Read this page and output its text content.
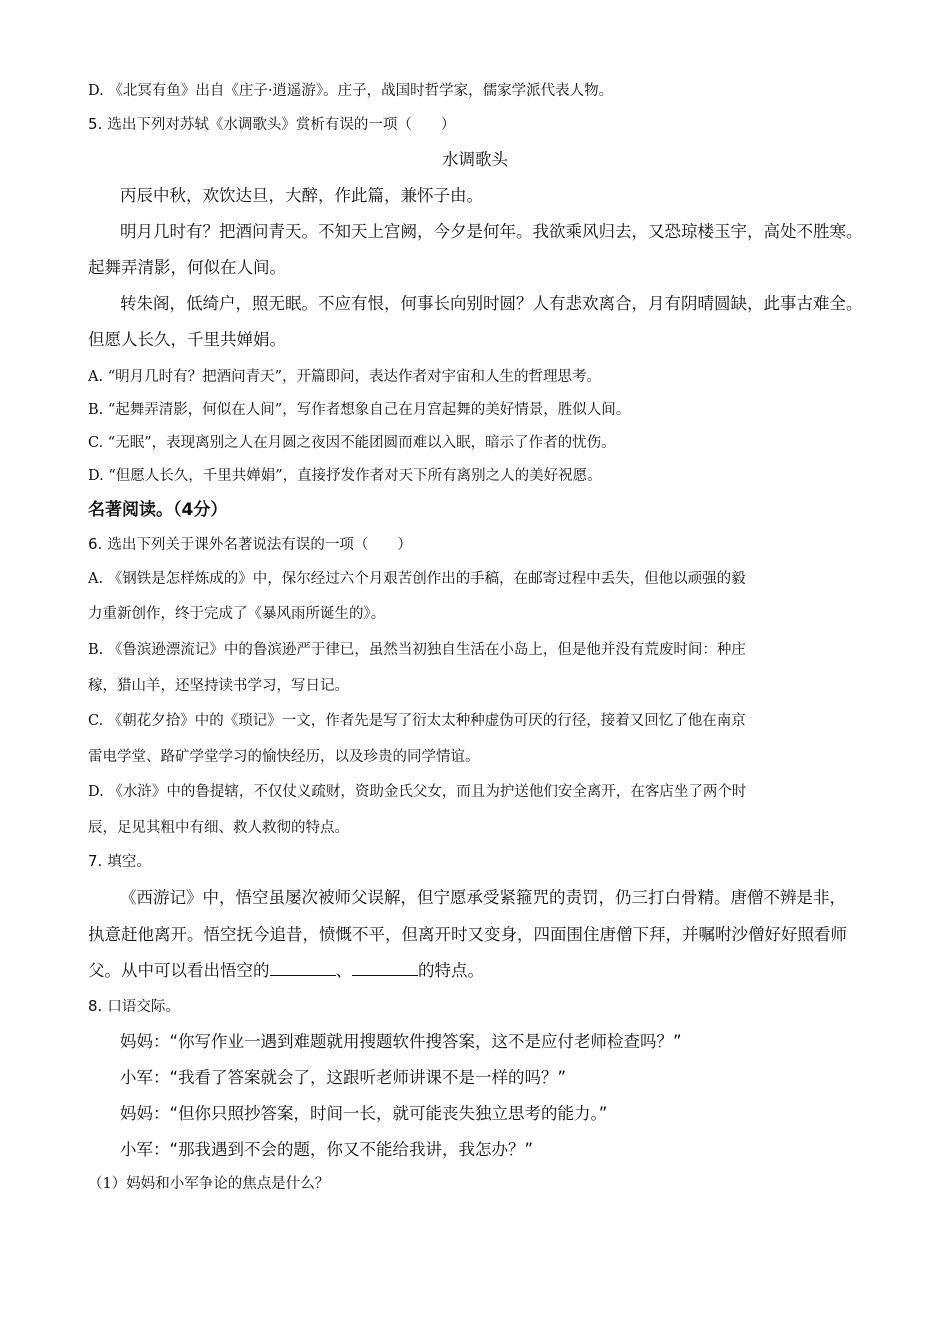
D. 《北冥有鱼》出自《庄子·逍遥游》。庄子，战国时哲学家，儒家学派代表人物。
5. 选出下列对苏轼《水调歌头》赏析有误的一项（　　）
水调歌头
丙辰中秋，欢饮达旦，大醉，作此篇，兼怀子由。
明月几时有？把酒问青天。不知天上宫阙，今夕是何年。我欲乘风归去，又恐琼楼玉宇，高处不胜寒。
起舞弄清影，何似在人间。
转朱阁，低绮户，照无眠。不应有恨，何事长向别时圆？人有悲欢离合，月有阴晴圆缺，此事古难全。
但愿人长久，千里共婵娟。
A. “明月几时有？把酒问青天”，开篇即问，表达作者对宇宙和人生的哲理思考。
B. “起舞弄清影，何似在人间”，写作者想象自己在月宫起舞的美好情景，胜似人间。
C. “无眠”，表现离别之人在月圆之夜因不能团圆而难以入眠，暗示了作者的忧伤。
D. “但愿人长久，千里共婵娟”，直接抒发作者对天下所有离别之人的美好祝愿。
名著阅读。（4分）
6. 选出下列关于课外名著说法有误的一项（　　）
A. 《钢铁是怎样炼成的》中，保尔经过六个月艰苦创作出的手稿，在邮寄过程中丢失，但他以顽强的毅
力重新创作，终于完成了《暴风雨所诞生的》。
B. 《鲁滨逊漂流记》中的鲁滨逊严于律已，虽然当初独自生活在小岛上，但是他并没有荒废时间：种庄
稼，猎山羊，还坚持读书学习，写日记。
C. 《朝花夕拾》中的《琐记》一文，作者先是写了衍太太种种虚伪可厌的行径，接着又回忆了他在南京
雷电学堂、路矿学堂学习的愉快经历，以及珍贵的同学情谊。
D. 《水浒》中的鲁提辖，不仅仗义疏财，资助金氏父女，而且为护送他们安全离开，在客店坐了两个时
辰，足见其粗中有细、救人救彻的特点。
7. 填空。
《西游记》中，悟空虽屡次被师父误解，但宁愿承受紧箍咒的责罚，仍三打白骨精。唐僧不辨是非，
执意赶他离开。悟空抚今追昔，愤慨不平，但离开时又变身，四面围住唐僧下拜，并嘱咐沙僧好好照看师
父。从中可以看出悟空的	、	的特点。
8. 口语交际。
妈妈：“你写作业一遇到难题就用搜题软件搜答案，这不是应付老师检查吗？”
小军：“我看了答案就会了，这跟听老师讲课不是一样的吗？”
妈妈：“但你只照抄答案，时间一长，就可能丧失独立思考的能力。”
小军：“那我遇到不会的题，你又不能给我讲，我怎办？”
（1）妈妈和小军争论的焦点是什么？
